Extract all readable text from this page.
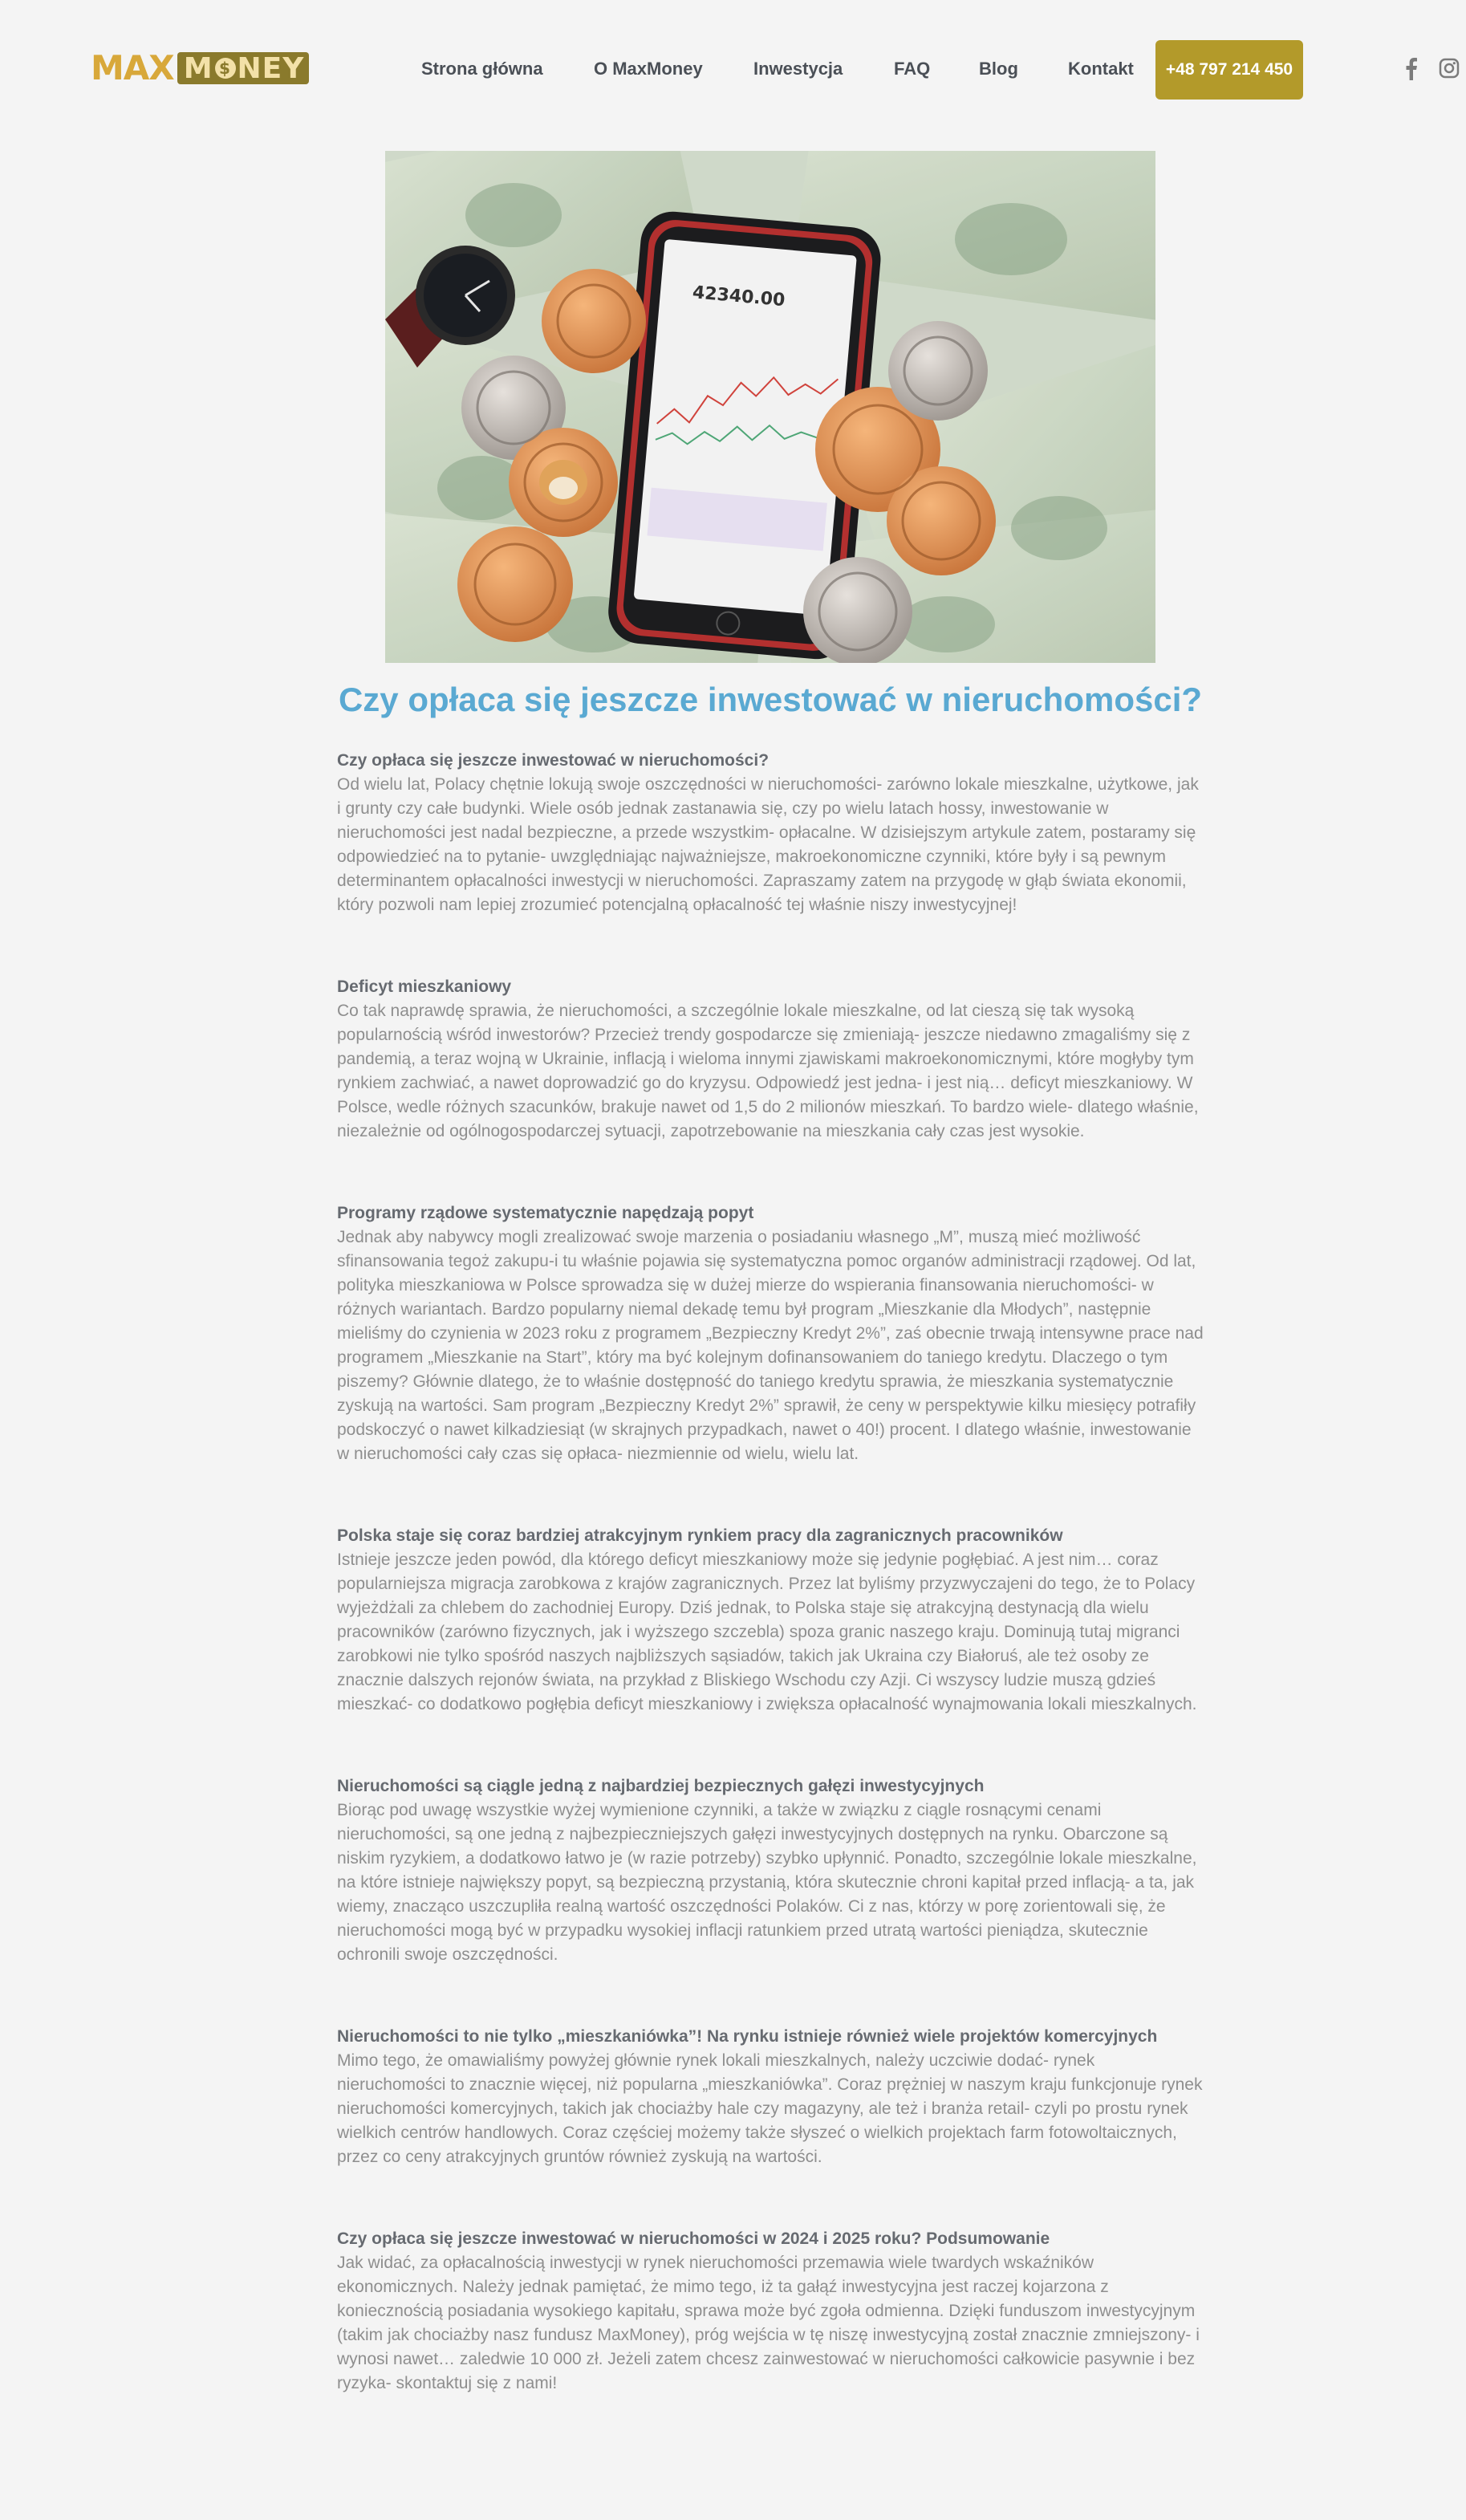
MAX M $ NEY	Strona główna	O MaxMoney	Inwestycja	FAQ	Blog	Kontakt	+48 797 214 450
42340.00
Czy opłaca się jeszcze inwestować w nieruchomości?
Czy opłaca się jeszcze inwestować w nieruchomości?
Od wielu lat, Polacy chętnie lokują swoje oszczędności w nieruchomości- zarówno lokale mieszkalne, użytkowe, jak i grunty czy całe budynki. Wiele osób jednak zastanawia się, czy po wielu latach hossy, inwestowanie w nieruchomości jest nadal bezpieczne, a przede wszystkim- opłacalne. W dzisiejszym artykule zatem, postaramy się odpowiedzieć na to pytanie- uwzględniając najważniejsze, makroekonomiczne czynniki, które były i są pewnym determinantem opłacalności inwestycji w nieruchomości. Zapraszamy zatem na przygodę w głąb świata ekonomii, który pozwoli nam lepiej zrozumieć potencjalną opłacalność tej właśnie niszy inwestycyjnej!
Deficyt mieszkaniowy
Co tak naprawdę sprawia, że nieruchomości, a szczególnie lokale mieszkalne, od lat cieszą się tak wysoką popularnością wśród inwestorów? Przecież trendy gospodarcze się zmieniają- jeszcze niedawno zmagaliśmy się z pandemią, a teraz wojną w Ukrainie, inflacją i wieloma innymi zjawiskami makroekonomicznymi, które mogłyby tym rynkiem zachwiać, a nawet doprowadzić go do kryzysu. Odpowiedź jest jedna- i jest nią… deficyt mieszkaniowy. W Polsce, wedle różnych szacunków, brakuje nawet od 1,5 do 2 milionów mieszkań. To bardzo wiele- dlatego właśnie, niezależnie od ogólnogospodarczej sytuacji, zapotrzebowanie na mieszkania cały czas jest wysokie.
Programy rządowe systematycznie napędzają popyt
Jednak aby nabywcy mogli zrealizować swoje marzenia o posiadaniu własnego „M”, muszą mieć możliwość sfinansowania tegoż zakupu-i tu właśnie pojawia się systematyczna pomoc organów administracji rządowej. Od lat, polityka mieszkaniowa w Polsce sprowadza się w dużej mierze do wspierania finansowania nieruchomości- w różnych wariantach. Bardzo popularny niemal dekadę temu był program „Mieszkanie dla Młodych”, następnie mieliśmy do czynienia w 2023 roku z programem „Bezpieczny Kredyt 2%”, zaś obecnie trwają intensywne prace nad programem „Mieszkanie na Start”, który ma być kolejnym dofinansowaniem do taniego kredytu. Dlaczego o tym piszemy? Głównie dlatego, że to właśnie dostępność do taniego kredytu sprawia, że mieszkania systematycznie zyskują na wartości. Sam program „Bezpieczny Kredyt 2%” sprawił, że ceny w perspektywie kilku miesięcy potrafiły podskoczyć o nawet kilkadziesiąt (w skrajnych przypadkach, nawet o 40!) procent. I dlatego właśnie, inwestowanie w nieruchomości cały czas się opłaca- niezmiennie od wielu, wielu lat.
Polska staje się coraz bardziej atrakcyjnym rynkiem pracy dla zagranicznych pracowników
Istnieje jeszcze jeden powód, dla którego deficyt mieszkaniowy może się jedynie pogłębiać. A jest nim… coraz popularniejsza migracja zarobkowa z krajów zagranicznych. Przez lat byliśmy przyzwyczajeni do tego, że to Polacy wyjeżdżali za chlebem do zachodniej Europy. Dziś jednak, to Polska staje się atrakcyjną destynacją dla wielu pracowników (zarówno fizycznych, jak i wyższego szczebla) spoza granic naszego kraju. Dominują tutaj migranci zarobkowi nie tylko spośród naszych najbliższych sąsiadów, takich jak Ukraina czy Białoruś, ale też osoby ze znacznie dalszych rejonów świata, na przykład z Bliskiego Wschodu czy Azji. Ci wszyscy ludzie muszą gdzieś mieszkać- co dodatkowo pogłębia deficyt mieszkaniowy i zwiększa opłacalność wynajmowania lokali mieszkalnych.
Nieruchomości są ciągle jedną z najbardziej bezpiecznych gałęzi inwestycyjnych
Biorąc pod uwagę wszystkie wyżej wymienione czynniki, a także w związku z ciągle rosnącymi cenami nieruchomości, są one jedną z najbezpieczniejszych gałęzi inwestycyjnych dostępnych na rynku. Obarczone są niskim ryzykiem, a dodatkowo łatwo je (w razie potrzeby) szybko upłynnić. Ponadto, szczególnie lokale mieszkalne, na które istnieje największy popyt, są bezpieczną przystanią, która skutecznie chroni kapitał przed inflacją- a ta, jak wiemy, znacząco uszczupliła realną wartość oszczędności Polaków. Ci z nas, którzy w porę zorientowali się, że nieruchomości mogą być w przypadku wysokiej inflacji ratunkiem przed utratą wartości pieniądza, skutecznie ochronili swoje oszczędności.
Nieruchomości to nie tylko „mieszkaniówka”! Na rynku istnieje również wiele projektów komercyjnych
Mimo tego, że omawialiśmy powyżej głównie rynek lokali mieszkalnych, należy uczciwie dodać- rynek nieruchomości to znacznie więcej, niż popularna „mieszkaniówka”. Coraz prężniej w naszym kraju funkcjonuje rynek nieruchomości komercyjnych, takich jak chociażby hale czy magazyny, ale też i branża retail- czyli po prostu rynek wielkich centrów handlowych. Coraz częściej możemy także słyszeć o wielkich projektach farm fotowoltaicznych, przez co ceny atrakcyjnych gruntów również zyskują na wartości.
Czy opłaca się jeszcze inwestować w nieruchomości w 2024 i 2025 roku? Podsumowanie
Jak widać, za opłacalnością inwestycji w rynek nieruchomości przemawia wiele twardych wskaźników ekonomicznych. Należy jednak pamiętać, że mimo tego, iż ta gałąź inwestycyjna jest raczej kojarzona z koniecznością posiadania wysokiego kapitału, sprawa może być zgoła odmienna. Dzięki funduszom inwestycyjnym (takim jak chociażby nasz fundusz MaxMoney), próg wejścia w tę niszę inwestycyjną został znacznie zmniejszony- i wynosi nawet… zaledwie 10 000 zł. Jeżeli zatem chcesz zainwestować w nieruchomości całkowicie pasywnie i bez ryzyka- skontaktuj się z nami!
